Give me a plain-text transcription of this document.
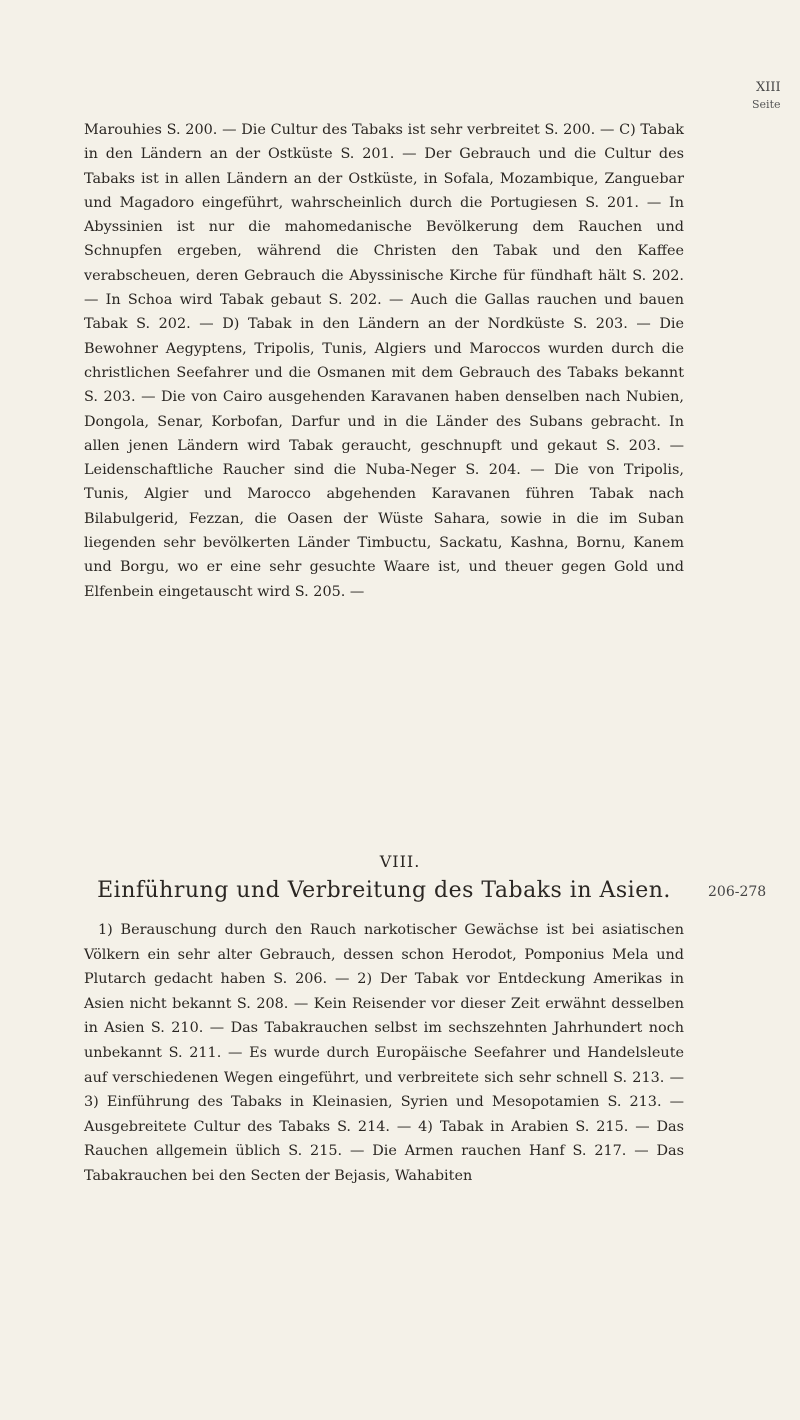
XIII
Seite

Marouhies S. 200. — Die Cultur des Tabaks ist sehr verbreitet S. 200. — C) Tabak in den Ländern an der Ostküste S. 201. — Der Gebrauch und die Cultur des Tabaks ist in allen Ländern an der Ostküste, in Sofala, Mozambique, Zanguebar und Magadoro eingeführt, wahrscheinlich durch die Portugiesen S. 201. — In Abyssinien ist nur die mahomedanische Bevölkerung dem Rauchen und Schnupfen ergeben, während die Christen den Tabak und den Kaffee verabscheuen, deren Gebrauch die Abyssinische Kirche für fündhaft hält S. 202. — In Schoa wird Tabak gebaut S. 202. — Auch die Gallas rauchen und bauen Tabak S. 202. — D) Tabak in den Ländern an der Nordküste S. 203. — Die Bewohner Aegyptens, Tripolis, Tunis, Algiers und Maroccos wurden durch die christlichen Seefahrer und die Osmanen mit dem Gebrauch des Tabaks bekannt S. 203. — Die von Cairo ausgehenden Karavanen haben denselben nach Nubien, Dongola, Senar, Korbofan, Darfur und in die Länder des Subans gebracht. In allen jenen Ländern wird Tabak geraucht, geschnupft und gekaut S. 203. — Leidenschaftliche Raucher sind die Nuba-Neger S. 204. — Die von Tripolis, Tunis, Algier und Marocco abgehenden Karavanen führen Tabak nach Bilabulgerid, Fezzan, die Oasen der Wüste Sahara, sowie in die im Suban liegenden sehr bevölkerten Länder Timbuctu, Sackatu, Kashna, Bornu, Kanem und Borgu, wo er eine sehr gesuchte Waare ist, und theuer gegen Gold und Elfenbein eingetauscht wird S. 205. —

VIII.
Einführung und Verbreitung des Tabaks in Asien.	206-278

1) Berauschung durch den Rauch narkotischer Gewächse ist bei asiatischen Völkern ein sehr alter Gebrauch, dessen schon Herodot, Pomponius Mela und Plutarch gedacht haben S. 206. — 2) Der Tabak vor Entdeckung Amerikas in Asien nicht bekannt S. 208. — Kein Reisender vor dieser Zeit erwähnt desselben in Asien S. 210. — Das Tabakrauchen selbst im sechszehnten Jahrhundert noch unbekannt S. 211. — Es wurde durch Europäische Seefahrer und Handelsleute auf verschiedenen Wegen eingeführt, und verbreitete sich sehr schnell S. 213. — 3) Einführung des Tabaks in Kleinasien, Syrien und Mesopotamien S. 213. — Ausgebreitete Cultur des Tabaks S. 214. — 4) Tabak in Arabien S. 215. — Das Rauchen allgemein üblich S. 215. — Die Armen rauchen Hanf S. 217. — Das Tabakrauchen bei den Secten der Bejasis, Wahabiten
